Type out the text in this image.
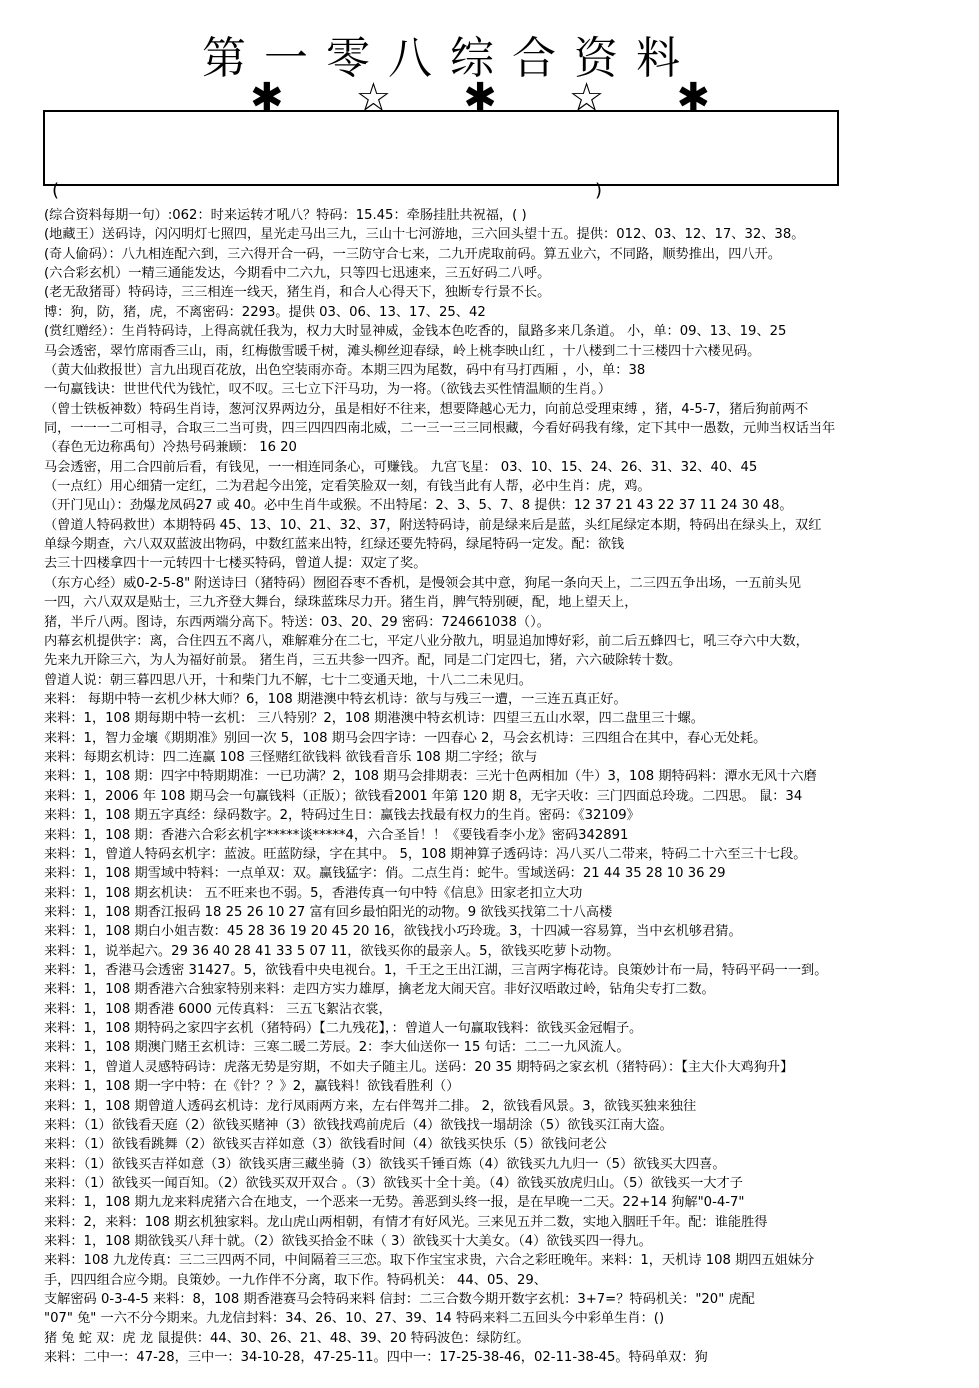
第一零八综合资料
✱ ☆ ✱ ☆ ✱
(	)
(综合资料每期一句）:062：时来运转才吼八？特码：15.45：牵肠挂肚共祝福，( )
(地藏王）送码诗，闪闪明灯七照四，星光走马出三九，三山十七河游地，三六回头望十五。提供：012、03、12、17、32、38。
(奇人偷码）：八九相连配六到，三六得开合一码，一三防守合七来，二九开虎取前码。算五业六，不同路，顺势推出，四八开。
(六合彩玄机）一精三通能发达，今期看中二六九，只等四七迅速来，三五好码二八呼。
(老无敌猪哥）特码诗，三三相连一线天，猪生肖，和合人心得天下，独断专行景不长。
博：狗，防，猪，虎，不离密码：2293。提供 03、06、13、17、25、42
(赏红赠经）：生肖特码诗，上得高就任我为，权力大时显神威，金钱本色吃香的，鼠路多来几条道。 小，单：09、13、19、25
马会透密，翠竹席雨香三山，雨，红梅傲雪暖千树，滩头柳丝迎春绿，岭上桃李映山红 ，十八楼到二十三楼四十六楼见码。
（黄大仙救报世）言九出现百花放，出色空装雨亦奇。本期三四为尾数，码中有马打西厢 ，小，单：38
一句赢钱诀：世世代代为钱忙，叹不叹。三七立下汗马功，为一将。（欲钱去买性情温顺的生肖。）
（曾士铁板神数）特码生肖诗，葱河汉界两边分，虽是相好不往来，想要降越心无力，向前总受理束缚 ，猪，4-5-7，猪后狗前两不
同，一一一二可相寻，合取三二当可贵，四三四四四南北威，二一三一三三同根藏，今看好码我有缘，定下其中一愚数，元帅当权话当年
（春色无边称禹旬）冷热号码兼顾： 16 20
马会透密，用二合四前后看，有钱见，一一相连同条心，可赚钱。 九宫飞星： 03、10、15、24、26、31、32、40、45
（一点红）用心细猜一定红，二为君起今出笼，定看笑脸双一刻，有钱当此有人帮，必中生肖：虎，鸡。
（开门见山）：劲爆龙凤码27 或 40。必中生肖牛或猴。不出特尾：2、3、5、7、8 提供：12 37 21 43 22 37 11 24 30 48。
（曾道人特码救世）本期特码 45、13、10、21、32、37，附送特码诗，前是绿来后是蓝，头红尾绿定本期，特码出在绿头上，双红
单绿今期查，六八双双蓝波出物码，中数红蓝来出特，红绿还要先特码，绿尾特码一定发。配：欲钱
去三十四楼拿四十一元转四十七楼买特码，曾道人提：双定了奖。
（东方心经）威0-2-5-8" 附送诗曰（猪特码）囫囵吞枣不香机，是慢领会其中意，狗尾一条向天上，二三四五争出场，一五前头见
一四，六八双双是贴士，三九齐登大舞台，绿珠蓝珠尽力开。猪生肖，脾气特别硬，配，地上望天上，
猪，半斤八两。图诗，东西两端分高下。特送：03、20、29 密码：724661038（）。
内幕玄机提供字：离，合住四五不离八，难解难分在二七，平定八业分散九，明显追加博好彩，前二后五蜂四七，吼三夺六中大数，
先来九开除三六，为人为福好前景。 猪生肖，三五共参一四齐。配，同是二门定四七，猪，六六破除转十数。
曾道人说：朝三暮四思八开，十和柴门九不解，七十二变通天地，十八二二未见归。
来料： 每期中特一玄机少林大师？6，108 期港澳中特玄机诗：欲与与残三一遭，一三连五真正好。
来料：1，108 期每期中特一玄机： 三八特别？2，108 期港澳中特玄机诗：四望三五山水翠，四二盘里三十螺。
来料：1，智力金壤《期期准》别回一次 5，108 期马会四字诗：一四春心 2，马会玄机诗：三四组合在其中，春心无处耗。
来料：每期玄机诗：四二连赢 108 三怪赌红欲钱料 欲钱看音乐 108 期二字经；欲与
来料：1，108 期：四字中特期期准：一已功满？2，108 期马会排期表：三光十色两相加（牛）3，108 期特码料：潭水无风十六磨
来料：1，2006 年 108 期马会一句赢钱料（正版）；欲钱看2001 年第 120 期 8，无字天收：三门四面总玲珑。二四思。 鼠：34
来料：1，108 期五字真经：绿码数字。2，特码过生日：赢钱去找最有权力的生肖。密码：《32109》
来料：1，108 期：香港六合彩玄机字*****谈*****4，六合圣旨！！《要钱看李小龙》密码342891
来料：1，曾道人特码玄机字：蓝波。旺蓝防绿，字在其中。 5，108 期神算子透码诗：冯八买八二带来，特码二十六至三十七段。
来料：1，108 期雪域中特料：一点单双：双。赢钱猛字：俏。二点生肖：蛇牛。雪域送码：21 44 35 28 10 36 29
来料：1，108 期玄机诀： 五不旺来也不弱。5，香港传真一句中特《信息》田家老扣立大功
来料：1，108 期香江报码 18 25 26 10 27 富有回乡最怕阳光的动物。9 欲钱买找第二十八高楼
来料：1，108 期白小姐吉数：45 28 36 19 20 45 20 16，欲钱找小巧玲珑。3，十四减一容易算，当中玄机够君猜。
来料：1，说举起六。29 36 40 28 41 33 5 07 11，欲钱买你的最亲人。5，欲钱买吃萝卜动物。
来料：1，香港马会透密 31427。5，欲钱看中央电视台。1，千王之王出江湖，三言两字梅花诗。良策妙计布一局，特码平码一一到。
来料：1，108 期香港六合独家特别来料：走四方实力雄厚，擒老龙大闹天宫。非好汉唔敢过岭，钻角尖专打二数。
来料：1，108 期香港 6000 元传真料： 三五飞絮沾衣裳，
来料：1，108 期特码之家四字玄机（猪特码）【二九残花】，：曾道人一句赢取钱料：欲钱买金冠帽子。
来料：1，108 期澳门赌王玄机诗：三寒二暖二芳辰。2：李大仙送你一 15 句话：二二一九风流人。
来料：1，曾道人灵感特码诗：虎落无势是穷期，不如夫子随主儿。送码：20 35 期特码之家玄机（猪特码）：【主大仆大鸡狗升】
来料：1，108 期一字中特：在《针？？》2，赢钱料！欲钱看胜利（）
来料：1，108 期曾道人透码玄机诗：龙行凤雨两方来，左右伴驾并二排。 2，欲钱看风景。3，欲钱买独来独往
来料：（1）欲钱看天庭（2）欲钱买赌神（3）欲钱找鸡前虎后（4）欲钱找一塌胡涂（5）欲钱买江南大盗。
来料：（1）欲钱看跳舞（2）欲钱买吉祥如意（3）欲钱看时间（4）欲钱买快乐（5）欲钱问老公
来料：（1）欲钱买吉祥如意（3）欲钱买唐三藏坐骑（3）欲钱买千锤百炼（4）欲钱买九九归一（5）欲钱买大四喜。
来料：（1）欲钱买一闻百知。（2）欲钱买双开双合 。（3）欲钱买十全十美。（4）欲钱买放虎归山。（5）欲钱买一大才子
来料：1，108 期九龙来料虎猪六合在地支，一个恶来一无势。善恶到头终一报，是在早晚一二天。22+14 狗解"0-4-7"
来料：2，来料：108 期玄机独家料。龙山虎山两相朝，有情才有好风光。三来见五并二数，实地入胭旺千年。配：谁能胜得
来料：1，108 期欲钱买八拜十就。（2）欲钱买拾金不昧（ 3）欲钱买十大美女。（4）欲钱买四一得九。
来料：108 九龙传真：三二三四两不同，中间隔着三三恋。取下作宝宝求贵，六合之彩旺晚年。来料：1，天机诗 108 期四五姐妹分
手，四四组合应今期。良策妙。一九作伴不分离，取下作。特码机关： 44、05、29、
支解密码 0-3-4-5 来料：8，108 期香港赛马会特码来料 信封：二三合数今期开数字玄机：3+7=？特码机关："20" 虎配
"07" 兔" 一六不分今期来。九龙信封料：34、26、10、27、39、14 特码来料二五回头今中彩单生肖：()
猪 兔 蛇 双：虎 龙 鼠提供：44、30、26、21、48、39、20 特码波色：绿防红。
来料：二中一：47-28，三中一：34-10-28，47-25-11。四中一：17-25-38-46，02-11-38-45。特码单双：狗
